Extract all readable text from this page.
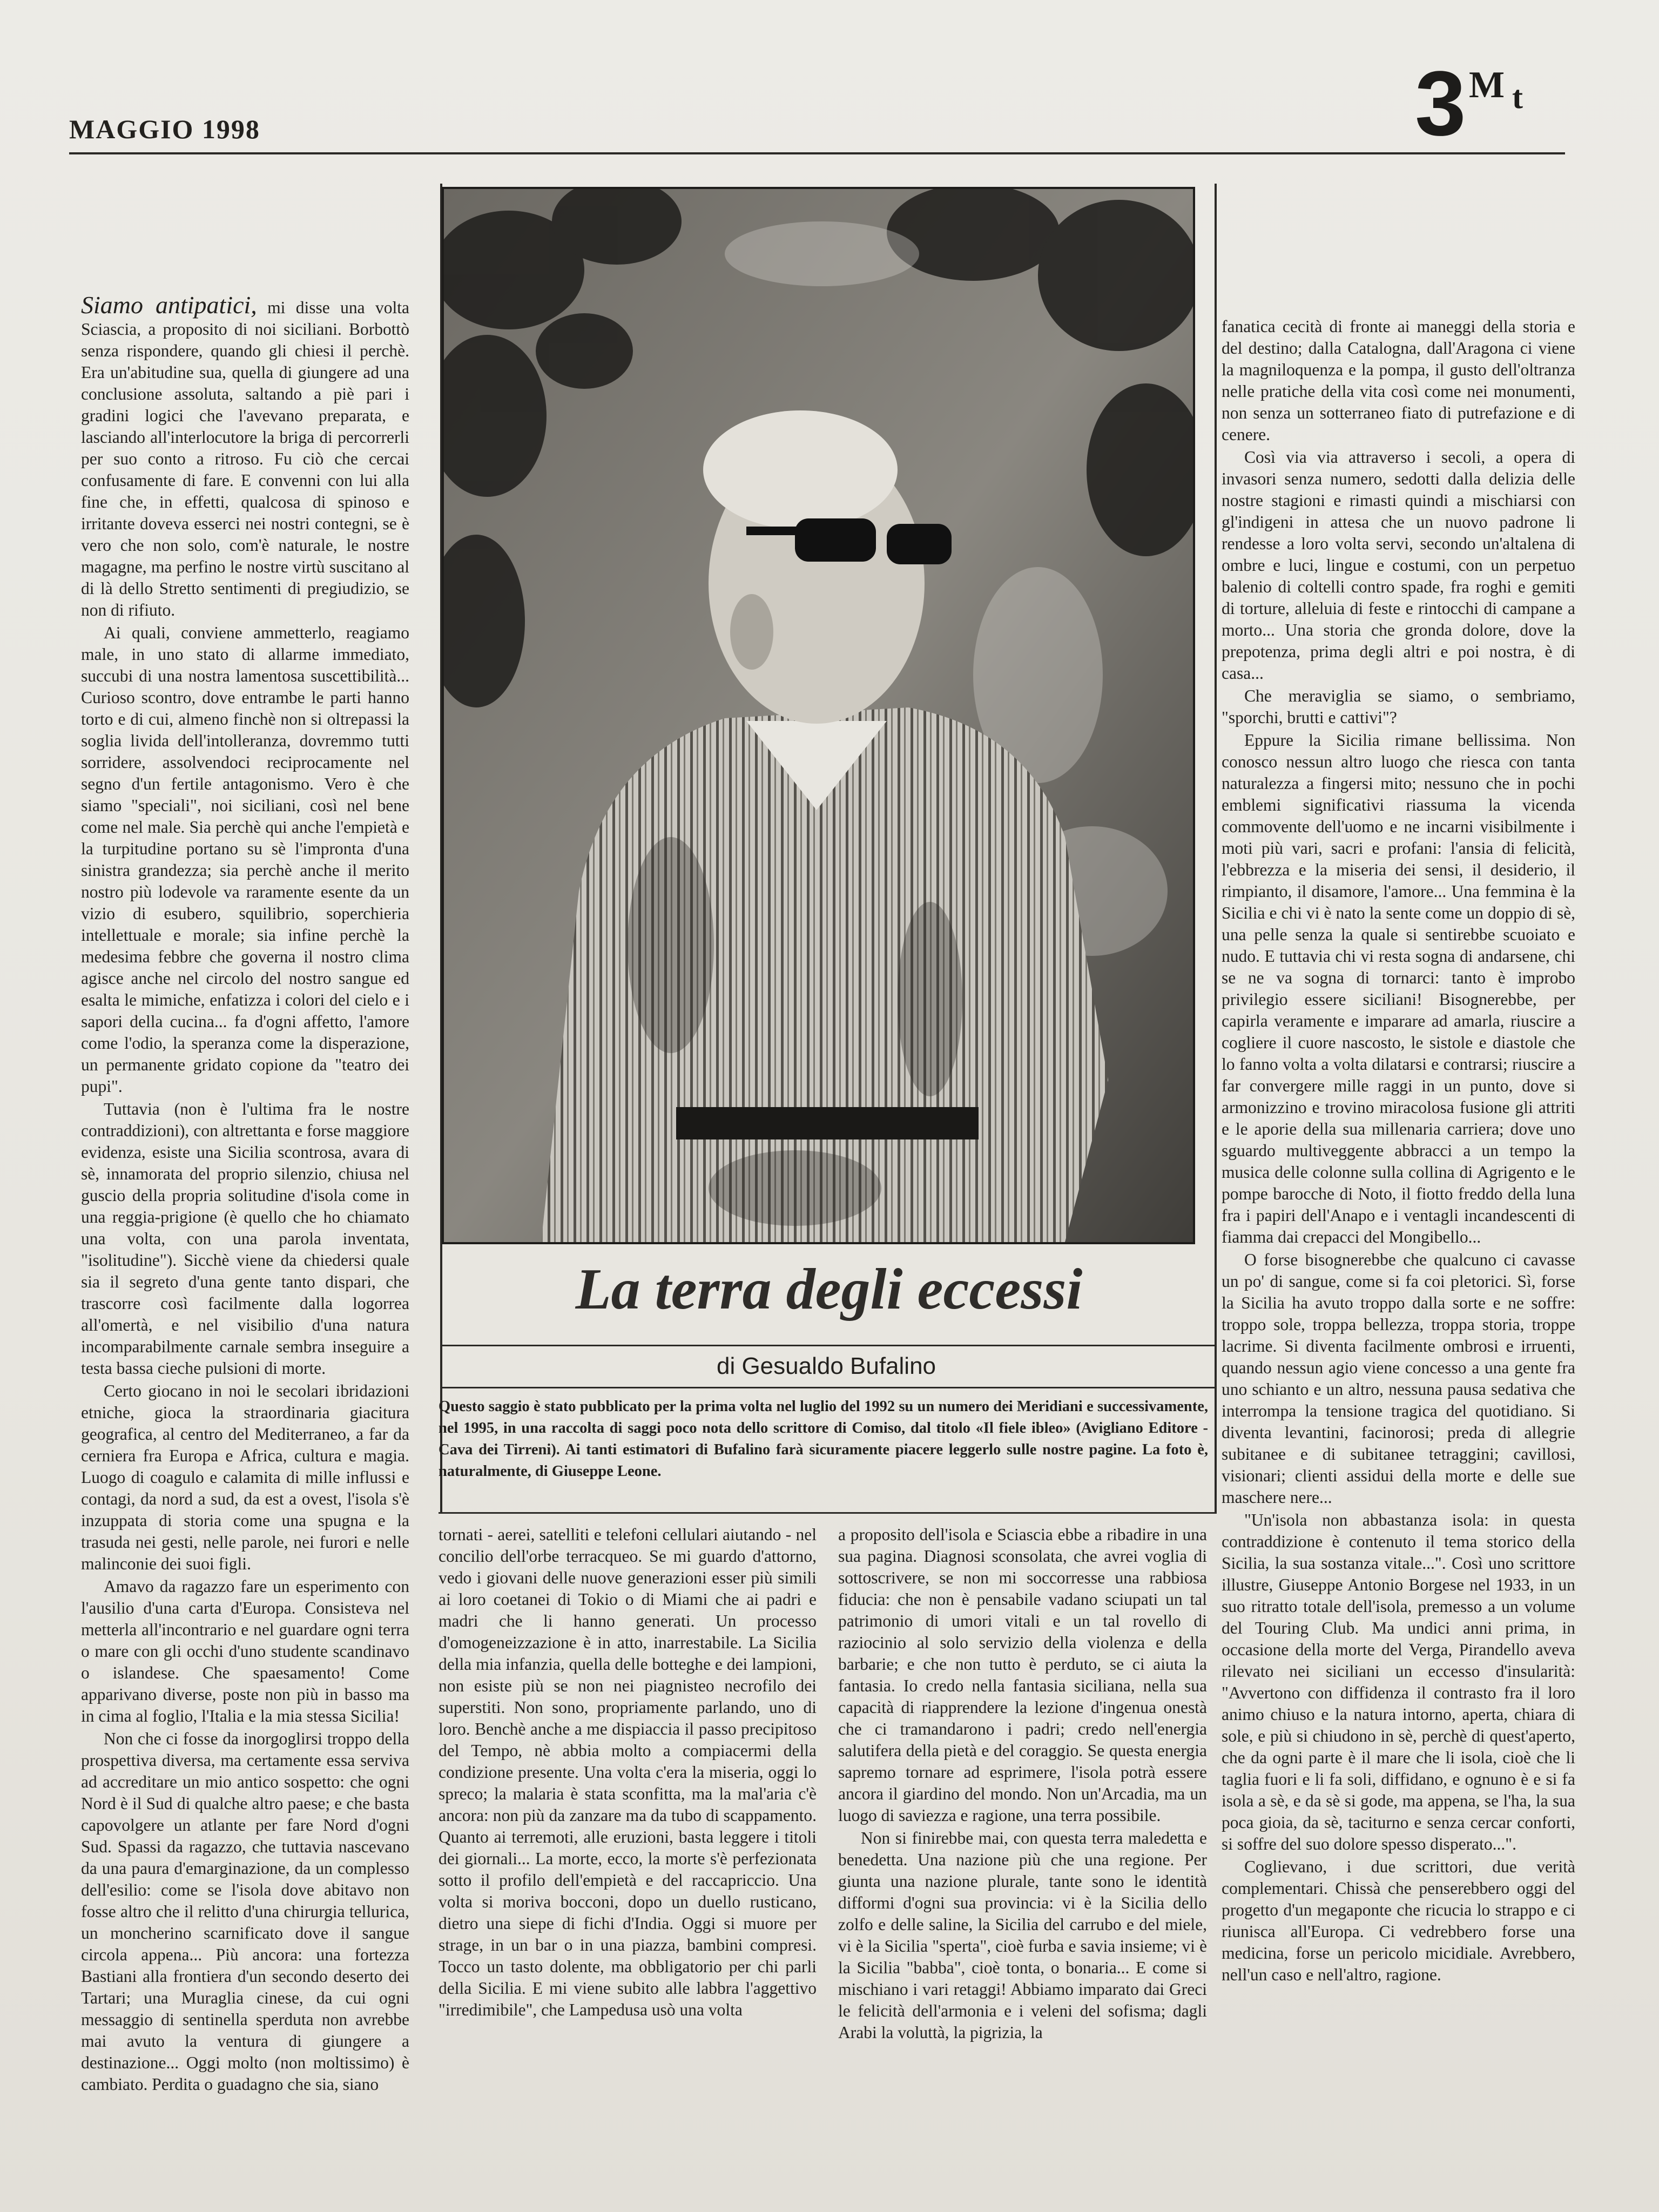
MAGGIO 1998	3 M t

Siamo antipatici, mi disse una volta Sciascia, a proposito di noi siciliani. Borbottò senza rispondere, quando gli chiesi il perchè. Era un'abitudine sua, quella di giungere ad una conclusione assoluta, saltando a piè pari i gradini logici che l'avevano preparata, e lasciando all'interlocutore la briga di percorrerli per suo conto a ritroso. Fu ciò che cercai confusamente di fare. E convenni con lui alla fine che, in effetti, qualcosa di spinoso e irritante doveva esserci nei nostri contegni, se è vero che non solo, com'è naturale, le nostre magagne, ma perfino le nostre virtù suscitano al di là dello Stretto sentimenti di pregiudizio, se non di rifiuto.

Ai quali, conviene ammetterlo, reagiamo male, in uno stato di allarme immediato, succubi di una nostra lamentosa suscettibilità... Curioso scontro, dove entrambe le parti hanno torto e di cui, almeno finchè non si oltrepassi la soglia livida dell'intolleranza, dovremmo tutti sorridere, assolvendoci reciprocamente nel segno d'un fertile antagonismo. Vero è che siamo "speciali", noi siciliani, così nel bene come nel male. Sia perchè qui anche l'empietà e la turpitudine portano su sè l'impronta d'una sinistra grandezza; sia perchè anche il merito nostro più lodevole va raramente esente da un vizio di esubero, squilibrio, soperchieria intellettuale e morale; sia infine perchè la medesima febbre che governa il nostro clima agisce anche nel circolo del nostro sangue ed esalta le mimiche, enfatizza i colori del cielo e i sapori della cucina... fa d'ogni affetto, l'amore come l'odio, la speranza come la disperazione, un permanente gridato copione da "teatro dei pupi".

Tuttavia (non è l'ultima fra le nostre contraddizioni), con altrettanta e forse maggiore evidenza, esiste una Sicilia scontrosa, avara di sè, innamorata del proprio silenzio, chiusa nel guscio della propria solitudine d'isola come in una reggia-prigione (è quello che ho chiamato una volta, con una parola inventata, "isolitudine"). Sicchè viene da chiedersi quale sia il segreto d'una gente tanto dispari, che trascorre così facilmente dalla logorrea all'omertà, e nel visibilio d'una natura incomparabilmente carnale sembra inseguire a testa bassa cieche pulsioni di morte.

Certo giocano in noi le secolari ibridazioni etniche, gioca la straordinaria giacitura geografica, al centro del Mediterraneo, a far da cerniera fra Europa e Africa, cultura e magia. Luogo di coagulo e calamita di mille influssi e contagi, da nord a sud, da est a ovest, l'isola s'è inzuppata di storia come una spugna e la trasuda nei gesti, nelle parole, nei furori e nelle malinconie dei suoi figli.

Amavo da ragazzo fare un esperimento con l'ausilio d'una carta d'Europa. Consisteva nel metterla all'incontrario e nel guardare ogni terra o mare con gli occhi d'uno studente scandinavo o islandese. Che spaesamento! Come apparivano diverse, poste non più in basso ma in cima al foglio, l'Italia e la mia stessa Sicilia!

Non che ci fosse da inorgoglirsi troppo della prospettiva diversa, ma certamente essa serviva ad accreditare un mio antico sospetto: che ogni Nord è il Sud di qualche altro paese; e che basta capovolgere un atlante per fare Nord d'ogni Sud. Spassi da ragazzo, che tuttavia nascevano da una paura d'emarginazione, da un complesso dell'esilio: come se l'isola dove abitavo non fosse altro che il relitto d'una chirurgia tellurica, un moncherino scarnificato dove il sangue circola appena... Più ancora: una fortezza Bastiani alla frontiera d'un secondo deserto dei Tartari; una Muraglia cinese, da cui ogni messaggio di sentinella sperduta non avrebbe mai avuto la ventura di giungere a destinazione... Oggi molto (non moltissimo) è cambiato. Perdita o guadagno che sia, siano

La terra degli eccessi
di Gesualdo Bufalino
Questo saggio è stato pubblicato per la prima volta nel luglio del 1992 su un numero dei Meridiani e successivamente, nel 1995, in una raccolta di saggi poco nota dello scrittore di Comiso, dal titolo «Il fiele ibleo» (Avigliano Editore - Cava dei Tirreni). Ai tanti estimatori di Bufalino farà sicuramente piacere leggerlo sulle nostre pagine. La foto è, naturalmente, di Giuseppe Leone.

tornati - aerei, satelliti e telefoni cellulari aiutando - nel concilio dell'orbe terracqueo. Se mi guardo d'attorno, vedo i giovani delle nuove generazioni esser più simili ai loro coetanei di Tokio o di Miami che ai padri e madri che li hanno generati. Un processo d'omogeneizzazione è in atto, inarrestabile. La Sicilia della mia infanzia, quella delle botteghe e dei lampioni, non esiste più se non nei piagnisteo necrofilo dei superstiti. Non sono, propriamente parlando, uno di loro. Benchè anche a me dispiaccia il passo precipitoso del Tempo, nè abbia molto a compiacermi della condizione presente. Una volta c'era la miseria, oggi lo spreco; la malaria è stata sconfitta, ma la mal'aria c'è ancora: non più da zanzare ma da tubo di scappamento. Quanto ai terremoti, alle eruzioni, basta leggere i titoli dei giornali... La morte, ecco, la morte s'è perfezionata sotto il profilo dell'empietà e del raccapriccio. Una volta si moriva bocconi, dopo un duello rusticano, dietro una siepe di fichi d'India. Oggi si muore per strage, in un bar o in una piazza, bambini compresi. Tocco un tasto dolente, ma obbligatorio per chi parli della Sicilia. E mi viene subito alle labbra l'aggettivo "irredimibile", che Lampedusa usò una volta

a proposito dell'isola e Sciascia ebbe a ribadire in una sua pagina. Diagnosi sconsolata, che avrei voglia di sottoscrivere, se non mi soccorresse una rabbiosa fiducia: che non è pensabile vadano sciupati un tal patrimonio di umori vitali e un tal rovello di raziocinio al solo servizio della violenza e della barbarie; e che non tutto è perduto, se ci aiuta la fantasia. Io credo nella fantasia siciliana, nella sua capacità di riapprendere la lezione d'ingenua onestà che ci tramandarono i padri; credo nell'energia salutifera della pietà e del coraggio. Se questa energia sapremo tornare ad esprimere, l'isola potrà essere ancora il giardino del mondo. Non un'Arcadia, ma un luogo di saviezza e ragione, una terra possibile.

Non si finirebbe mai, con questa terra maledetta e benedetta. Una nazione più che una regione. Per giunta una nazione plurale, tante sono le identità difformi d'ogni sua provincia: vi è la Sicilia dello zolfo e delle saline, la Sicilia del carrubo e del miele, vi è la Sicilia "sperta", cioè furba e savia insieme; vi è la Sicilia "babba", cioè tonta, o bonaria... E come si mischiano i vari retaggi! Abbiamo imparato dai Greci le felicità dell'armonia e i veleni del sofisma; dagli Arabi la voluttà, la pigrizia, la

fanatica cecità di fronte ai maneggi della storia e del destino; dalla Catalogna, dall'Aragona ci viene la magniloquenza e la pompa, il gusto dell'oltranza nelle pratiche della vita così come nei monumenti, non senza un sotterraneo fiato di putrefazione e di cenere.

Così via via attraverso i secoli, a opera di invasori senza numero, sedotti dalla delizia delle nostre stagioni e rimasti quindi a mischiarsi con gl'indigeni in attesa che un nuovo padrone li rendesse a loro volta servi, secondo un'altalena di ombre e luci, lingue e costumi, con un perpetuo balenio di coltelli contro spade, fra roghi e gemiti di torture, alleluia di feste e rintocchi di campane a morto... Una storia che gronda dolore, dove la prepotenza, prima degli altri e poi nostra, è di casa...

Che meraviglia se siamo, o sembriamo, "sporchi, brutti e cattivi"?

Eppure la Sicilia rimane bellissima. Non conosco nessun altro luogo che riesca con tanta naturalezza a fingersi mito; nessuno che in pochi emblemi significativi riassuma la vicenda commovente dell'uomo e ne incarni visibilmente i moti più vari, sacri e profani: l'ansia di felicità, l'ebbrezza e la miseria dei sensi, il desiderio, il rimpianto, il disamore, l'amore... Una femmina è la Sicilia e chi vi è nato la sente come un doppio di sè, una pelle senza la quale si sentirebbe scuoiato e nudo. E tuttavia chi vi resta sogna di andarsene, chi se ne va sogna di tornarci: tanto è improbo privilegio essere siciliani! Bisognerebbe, per capirla veramente e imparare ad amarla, riuscire a cogliere il cuore nascosto, le sistole e diastole che lo fanno volta a volta dilatarsi e contrarsi; riuscire a far convergere mille raggi in un punto, dove si armonizzino e trovino miracolosa fusione gli attriti e le aporie della sua millenaria carriera; dove uno sguardo multiveggente abbracci a un tempo la musica delle colonne sulla collina di Agrigento e le pompe barocche di Noto, il fiotto freddo della luna fra i papiri dell'Anapo e i ventagli incandescenti di fiamma dai crepacci del Mongibello...

O forse bisognerebbe che qualcuno ci cavasse un po' di sangue, come si fa coi pletorici. Sì, forse la Sicilia ha avuto troppo dalla sorte e ne soffre: troppo sole, troppa bellezza, troppa storia, troppe lacrime. Si diventa facilmente ombrosi e irruenti, quando nessun agio viene concesso a una gente fra uno schianto e un altro, nessuna pausa sedativa che interrompa la tensione tragica del quotidiano. Si diventa levantini, facinorosi; preda di allegrie subitanee e di subitanee tetraggini; cavillosi, visionari; clienti assidui della morte e delle sue maschere nere...

"Un'isola non abbastanza isola: in questa contraddizione è contenuto il tema storico della Sicilia, la sua sostanza vitale...". Così uno scrittore illustre, Giuseppe Antonio Borgese nel 1933, in un suo ritratto totale dell'isola, premesso a un volume del Touring Club. Ma undici anni prima, in occasione della morte del Verga, Pirandello aveva rilevato nei siciliani un eccesso d'insularità: "Avvertono con diffidenza il contrasto fra il loro animo chiuso e la natura intorno, aperta, chiara di sole, e più si chiudono in sè, perchè di quest'aperto, che da ogni parte è il mare che li isola, cioè che li taglia fuori e li fa soli, diffidano, e ognuno è e si fa isola a sè, e da sè si gode, ma appena, se l'ha, la sua poca gioia, da sè, taciturno e senza cercar conforti, si soffre del suo dolore spesso disperato...".

Coglievano, i due scrittori, due verità complementari. Chissà che penserebbero oggi del progetto d'un megaponte che ricucia lo strappo e ci riunisca all'Europa. Ci vedrebbero forse una medicina, forse un pericolo micidiale. Avrebbero, nell'un caso e nell'altro, ragione.
